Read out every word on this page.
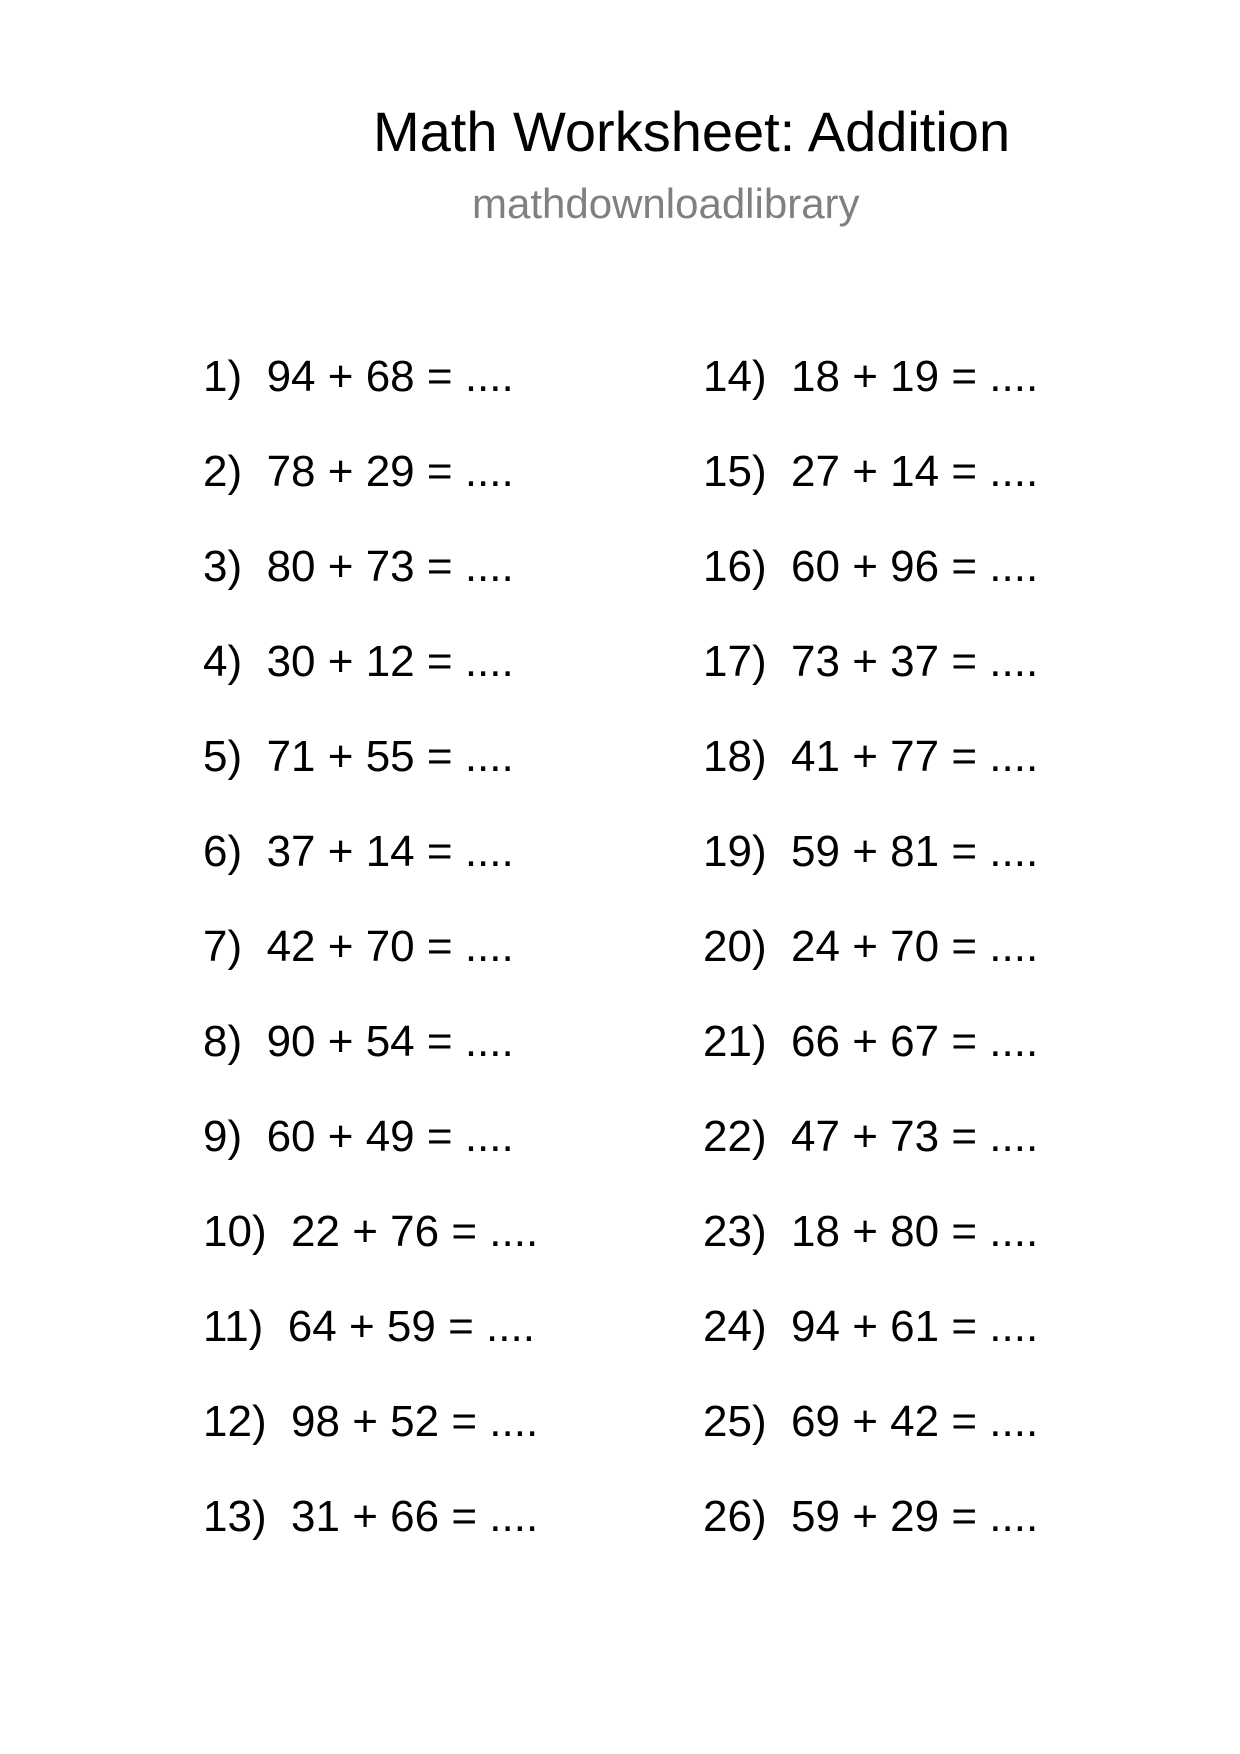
Math Worksheet: Addition
mathdownloadlibrary
1) 94 + 68 = ....
2) 78 + 29 = ....
3) 80 + 73 = ....
4) 30 + 12 = ....
5) 71 + 55 = ....
6) 37 + 14 = ....
7) 42 + 70 = ....
8) 90 + 54 = ....
9) 60 + 49 = ....
10) 22 + 76 = ....
11) 64 + 59 = ....
12) 98 + 52 = ....
13) 31 + 66 = ....
14) 18 + 19 = ....
15) 27 + 14 = ....
16) 60 + 96 = ....
17) 73 + 37 = ....
18) 41 + 77 = ....
19) 59 + 81 = ....
20) 24 + 70 = ....
21) 66 + 67 = ....
22) 47 + 73 = ....
23) 18 + 80 = ....
24) 94 + 61 = ....
25) 69 + 42 = ....
26) 59 + 29 = ....
